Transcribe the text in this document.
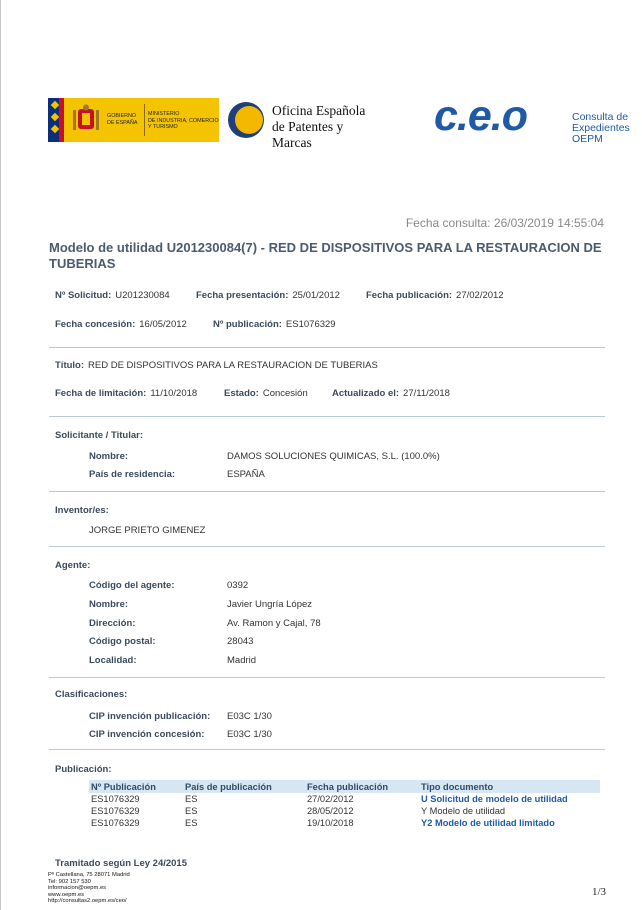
GOBIERNO
DE ESPAÑA
MINISTERIO
DE INDUSTRIA, COMERCIO
Y TURISMO
Oficina Española
de Patentes y Marcas
c.e.o	Consulta de
Expedientes
OEPM
Fecha consulta: 26/03/2019 14:55:04
Modelo de utilidad U201230084(7) - RED DE DISPOSITIVOS PARA LA RESTAURACION DE TUBERIAS
Nº Solicitud: U201230084	Fecha presentación: 25/01/2012	Fecha publicación: 27/02/2012
Fecha concesión: 16/05/2012	Nº publicación: ES1076329
Título: RED DE DISPOSITIVOS PARA LA RESTAURACION DE TUBERIAS
Fecha de limitación: 11/10/2018	Estado: Concesión	Actualizado el: 27/11/2018
Solicitante / Titular:
Nombre:	DAMOS SOLUCIONES QUIMICAS, S.L. (100.0%)
País de residencia:	ESPAÑA
Inventor/es:
JORGE PRIETO GIMENEZ
Agente:
Código del agente:	0392
Nombre:	Javier Ungría López
Dirección:	Av. Ramon y Cajal, 78
Código postal:	28043
Localidad:	Madrid
Clasificaciones:
CIP invención publicación: E03C 1/30
CIP invención concesión: E03C 1/30
Publicación:
Nº Publicación	País de publicación	Fecha publicación	Tipo documento
ES1076329	ES	27/02/2012	U Solicitud de modelo de utilidad
ES1076329	ES	28/05/2012	Y Modelo de utilidad
ES1076329	ES	19/10/2018	Y2 Modelo de utilidad limitado
Tramitado según Ley 24/2015
Pº Castellana, 75 28071 Madrid
Tel: 902 157 530
informacion@oepm.es
www.oepm.es
http://consultas2.oepm.es/ceo/
1/3
